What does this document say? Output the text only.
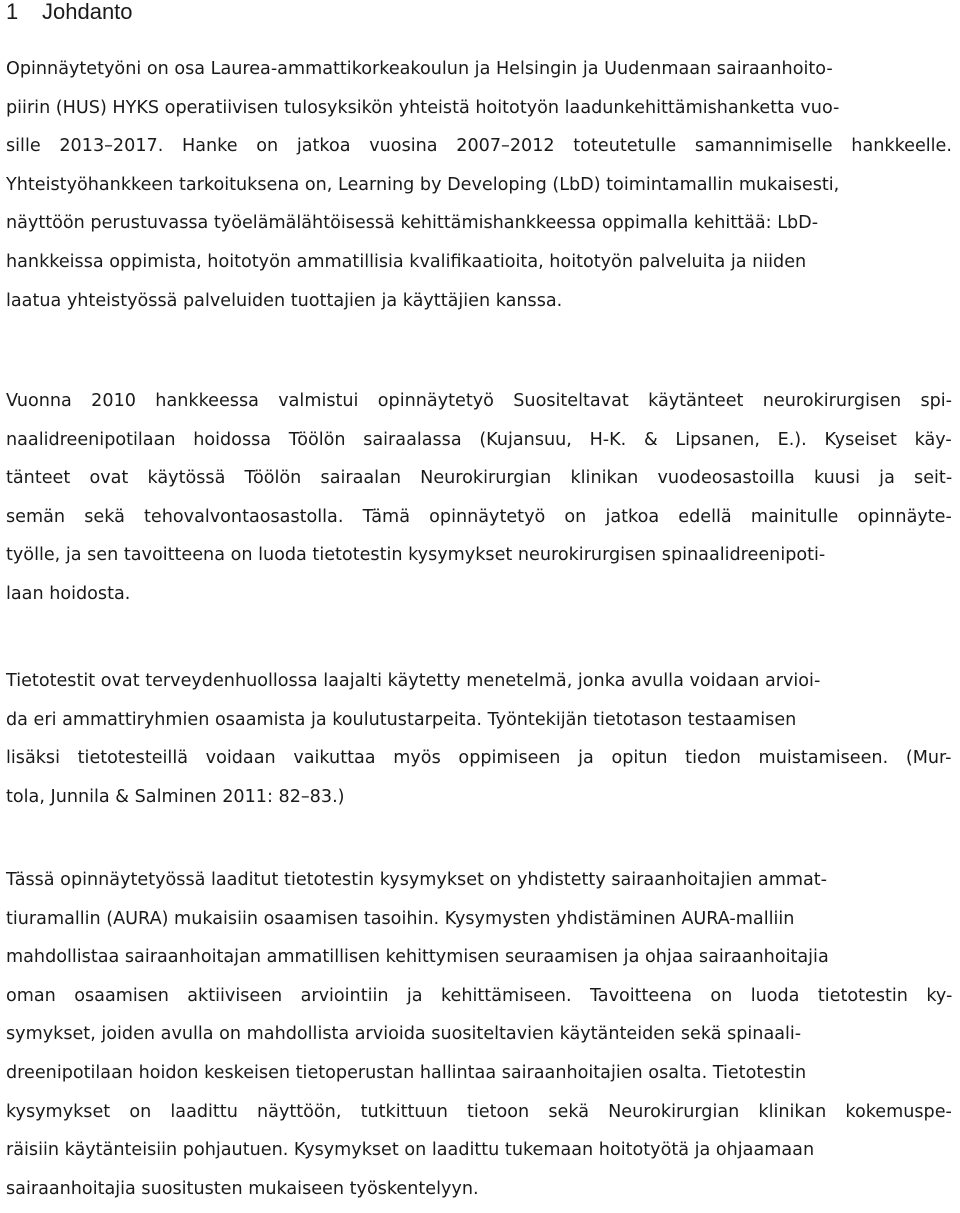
1	Johdanto
Opinnäytetyöni on osa Laurea-ammattikorkeakoulun ja Helsingin ja Uudenmaan sairaanhoito-
piirin (HUS) HYKS operatiivisen tulosyksikön yhteistä hoitotyön laadunkehittämishanketta vuo-
sille 2013–2017. Hanke on jatkoa vuosina 2007–2012 toteutetulle samannimiselle hankkeelle.
Yhteistyöhankkeen tarkoituksena on, Learning by Developing (LbD) toimintamallin mukaisesti,
näyttöön perustuvassa työelämälähtöisessä kehittämishankkeessa oppimalla kehittää: LbD-
hankkeissa oppimista, hoitotyön ammatillisia kvalifikaatioita, hoitotyön palveluita ja niiden
laatua yhteistyössä palveluiden tuottajien ja käyttäjien kanssa.
Vuonna 2010 hankkeessa valmistui opinnäytetyö Suositeltavat käytänteet neurokirurgisen spi-
naalidreenipotilaan hoidossa Töölön sairaalassa (Kujansuu, H-K. & Lipsanen, E.). Kyseiset käy-
tänteet ovat käytössä Töölön sairaalan Neurokirurgian klinikan vuodeosastoilla kuusi ja seit-
semän sekä tehovalvontaosastolla. Tämä opinnäytetyö on jatkoa edellä mainitulle opinnäyte-
työlle, ja sen tavoitteena on luoda tietotestin kysymykset neurokirurgisen spinaalidreenipoti-
laan hoidosta.
Tietotestit ovat terveydenhuollossa laajalti käytetty menetelmä, jonka avulla voidaan arvioi-
da eri ammattiryhmien osaamista ja koulutustarpeita. Työntekijän tietotason testaamisen
lisäksi tietotesteillä voidaan vaikuttaa myös oppimiseen ja opitun tiedon muistamiseen. (Mur-
tola, Junnila & Salminen 2011: 82–83.)
Tässä opinnäytetyössä laaditut tietotestin kysymykset on yhdistetty sairaanhoitajien ammat-
tiuramallin (AURA) mukaisiin osaamisen tasoihin. Kysymysten yhdistäminen AURA-malliin
mahdollistaa sairaanhoitajan ammatillisen kehittymisen seuraamisen ja ohjaa sairaanhoitajia
oman osaamisen aktiiviseen arviointiin ja kehittämiseen. Tavoitteena on luoda tietotestin ky-
symykset, joiden avulla on mahdollista arvioida suositeltavien käytänteiden sekä spinaali-
dreenipotilaan hoidon keskeisen tietoperustan hallintaa sairaanhoitajien osalta. Tietotestin
kysymykset on laadittu näyttöön, tutkittuun tietoon sekä Neurokirurgian klinikan kokemuspe-
räisiin käytänteisiin pohjautuen. Kysymykset on laadittu tukemaan hoitotyötä ja ohjaamaan
sairaanhoitajia suositusten mukaiseen työskentelyyn.
